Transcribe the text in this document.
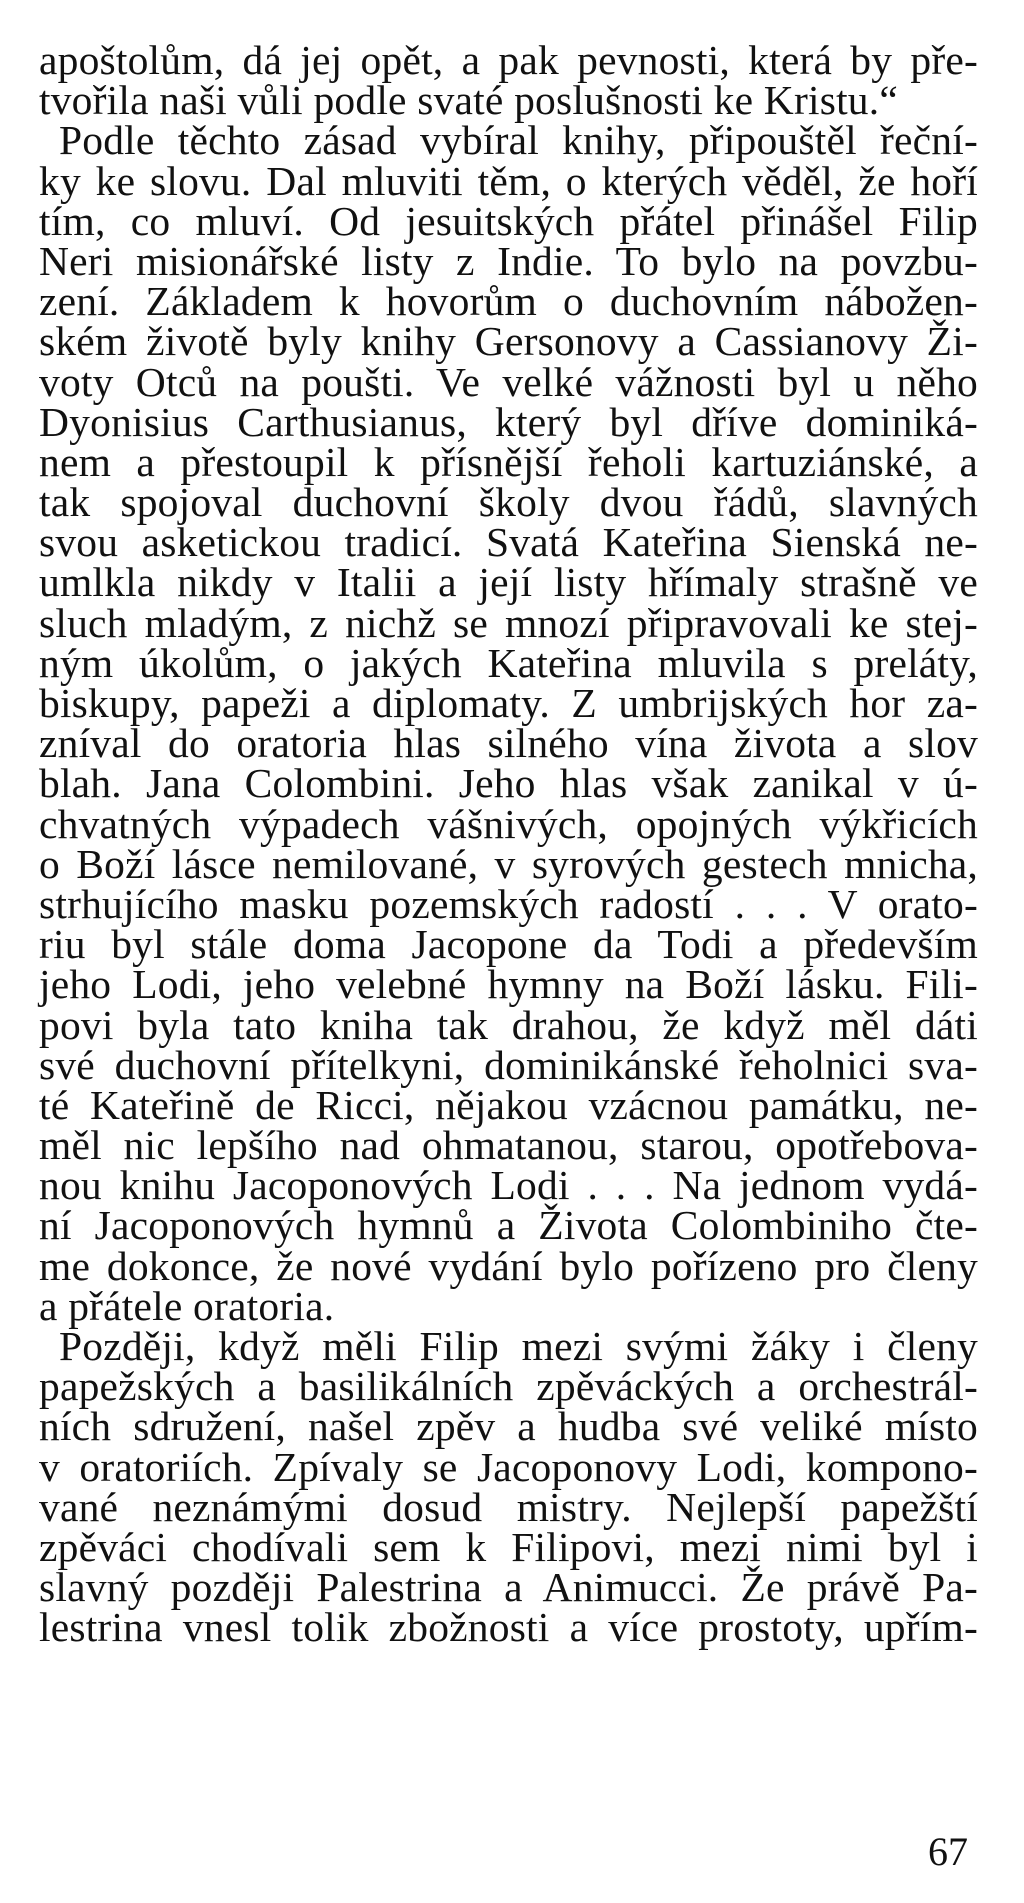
apoštolům, dá jej opět, a pak pevnosti, která by pře-
tvořila naši vůli podle svaté poslušnosti ke Kristu.“
Podle těchto zásad vybíral knihy, připouštěl řeční-
ky ke slovu. Dal mluviti těm, o kterých věděl, že hoří
tím, co mluví. Od jesuitských přátel přinášel Filip
Neri misionářské listy z Indie. To bylo na povzbu-
zení. Základem k hovorům o duchovním nábožen-
ském životě byly knihy Gersonovy a Cassianovy Ži-
voty Otců na poušti. Ve velké vážnosti byl u něho
Dyonisius Carthusianus, který byl dříve dominiká-
nem a přestoupil k přísnější řeholi kartuziánské, a
tak spojoval duchovní školy dvou řádů, slavných
svou asketickou tradicí. Svatá Kateřina Sienská ne-
umlkla nikdy v Italii a její listy hřímaly strašně ve
sluch mladým, z nichž se mnozí připravovali ke stej-
ným úkolům, o jakých Kateřina mluvila s preláty,
biskupy, papeži a diplomaty. Z umbrijských hor za-
zníval do oratoria hlas silného vína života a slov
blah. Jana Colombini. Jeho hlas však zanikal v ú-
chvatných výpadech vášnivých, opojných výkřicích
o Boží lásce nemilované, v syrových gestech mnicha,
strhujícího masku pozemských radostí . . . V orato-
riu byl stále doma Jacopone da Todi a především
jeho Lodi, jeho velebné hymny na Boží lásku. Fili-
povi byla tato kniha tak drahou, že když měl dáti
své duchovní přítelkyni, dominikánské řeholnici sva-
té Kateřině de Ricci, nějakou vzácnou památku, ne-
měl nic lepšího nad ohmatanou, starou, opotřebova-
nou knihu Jacoponových Lodi . . . Na jednom vydá-
ní Jacoponových hymnů a Života Colombiniho čte-
me dokonce, že nové vydání bylo pořízeno pro členy
a přátele oratoria.
Později, když měli Filip mezi svými žáky i členy
papežských a basilikálních zpěváckých a orchestrál-
ních sdružení, našel zpěv a hudba své veliké místo
v oratoriích. Zpívaly se Jacoponovy Lodi, kompono-
vané neznámými dosud mistry. Nejlepší papežští
zpěváci chodívali sem k Filipovi, mezi nimi byl i
slavný později Palestrina a Animucci. Že právě Pa-
lestrina vnesl tolik zbožnosti a více prostoty, upřím-
67
